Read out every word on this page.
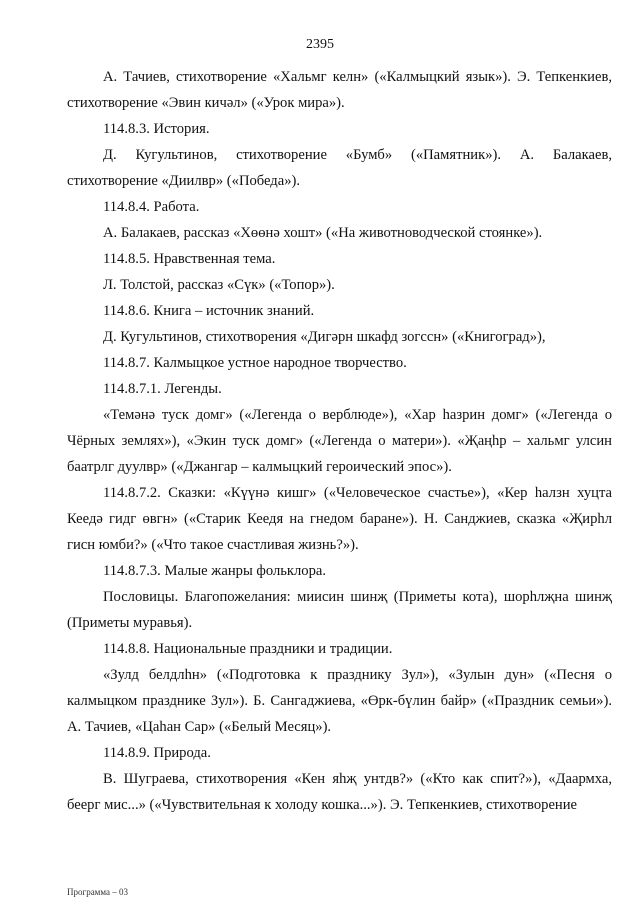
2395

А. Тачиев, стихотворение «Хальмг келн» («Калмыцкий язык»). Э. Тепкенкиев, стихотворение «Эвин кичәл» («Урок мира»).

114.8.3. История.

Д. Кугультинов, стихотворение «Бумб» («Памятник»). А. Балакаев, стихотворение «Диилвр» («Победа»).

114.8.4. Работа.

А. Балакаев, рассказ «Хөөнә хошт» («На животноводческой стоянке»).

114.8.5. Нравственная тема.

Л. Толстой, рассказ «Сүк» («Топор»).

114.8.6. Книга – источник знаний.

Д. Кугультинов, стихотворения «Дигәрн шкафд зогссн» («Книгоград»),

114.8.7. Калмыцкое устное народное творчество.

114.8.7.1. Легенды.

«Темәнә туск домг» («Легенда о верблюде»), «Хар һазрин домг» («Легенда о Чёрных землях»), «Экин туск домг» («Легенда о матери»). «Җаңһр – хальмг улсин баатрлг дуулвр» («Джангар – калмыцкий героический эпос»).

114.8.7.2. Сказки: «Күүнә кишг» («Человеческое счастье»), «Кер һалзн хуцта Кеедә гидг өвгн» («Старик Кеедя на гнедом баране»). Н. Санджиев, сказка «Җирһл гисн юмби?» («Что такое счастливая жизнь?»).

114.8.7.3. Малые жанры фольклора.

Пословицы. Благопожелания: миисин шинҗ (Приметы кота), шорһлҗна шинҗ (Приметы муравья).

114.8.8. Национальные праздники и традиции.

«Зулд белдлһн» («Подготовка к празднику Зул»), «Зулын дун» («Песня о калмыцком празднике Зул»). Б. Сангаджиева, «Өрк-бүлин байр» («Праздник семьи»). А. Тачиев, «Цаһан Сар» («Белый Месяц»).

114.8.9. Природа.

В. Шуграева, стихотворения «Кен яһҗ унтдв?» («Кто как спит?»), «Даармха, беерг мис...» («Чувствительная к холоду кошка...»). Э. Тепкенкиев, стихотворение

Программа – 03
